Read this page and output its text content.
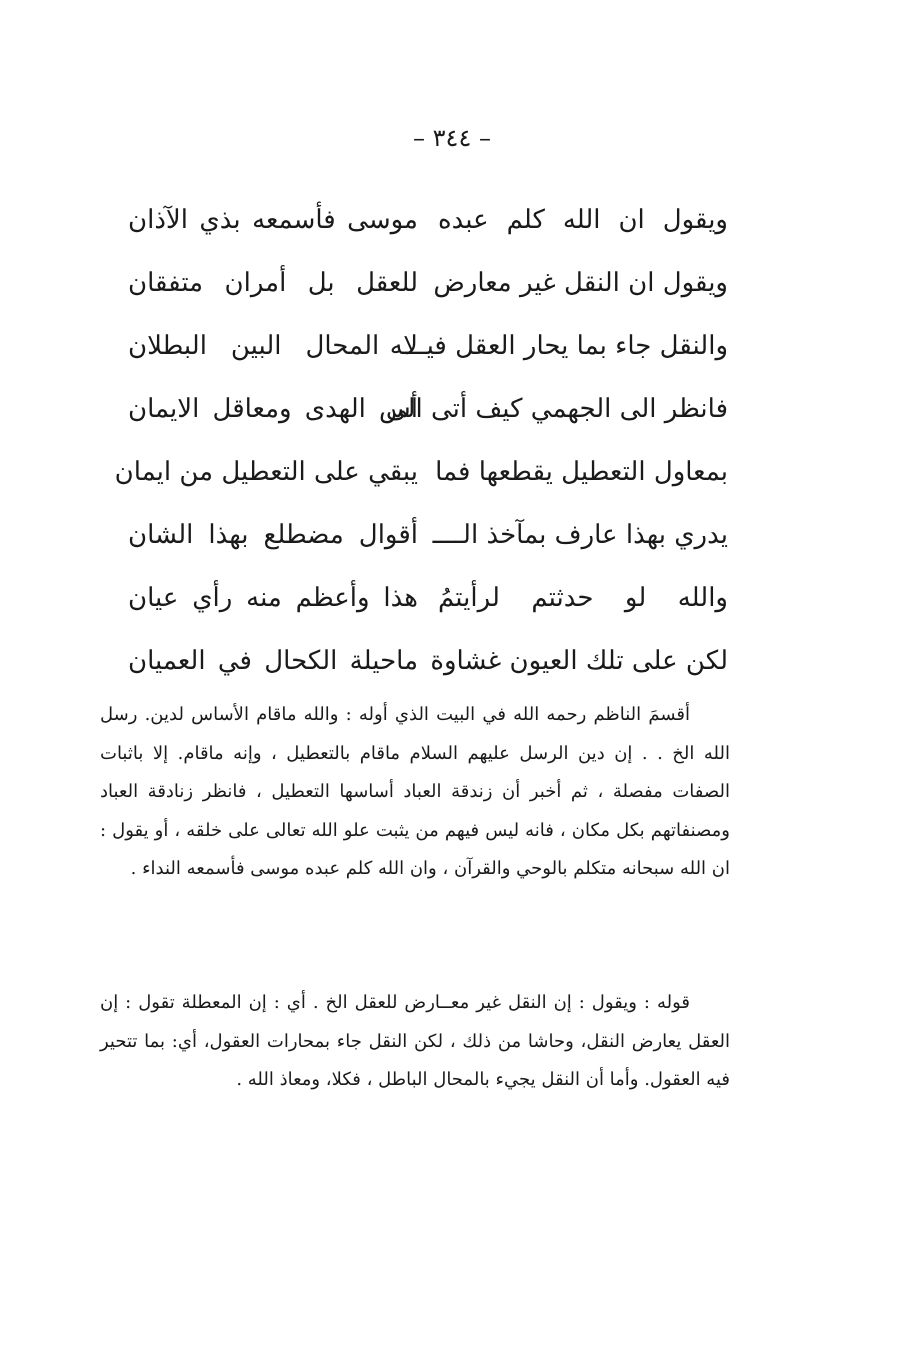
– ٣٤٤ –
ويقول ان الله كلم عبده
موسى فأسمعه بذي الآذان
ويقول ان النقل غير معارض
للعقل بل أمران متفقان
والنقل جاء بما يحار العقل فيـــه
لا المحال البين البطلان
فانظر الى الجهمي كيف أتى الى
أس الهدى ومعاقل الايمان
بمعاول التعطيل يقطعها فما
يبقي على التعطيل من ايمان
يدري بهذا عارف بمآخذ الــــ
أقوال مضطلع بهذا الشان
والله لو حدثتم لرأيتمُ
هذا وأعظم منه رأي عيان
لكن على تلك العيون غشاوة
ماحيلة الكحال في العميان

أقسمَ الناظم رحمه الله في البيت الذي أوله : والله ماقام الأساس لدين. رسل الله الخ . . إن دين الرسل عليهم السلام ماقام بالتعطيل ، وإنه ماقام. إلا باثبات الصفات مفصلة ، ثم أخبر أن زندقة العباد أساسها التعطيل ، فانظر زنادقة العباد ومصنفاتهم بكل مكان ، فانه ليس فيهم من يثبت علو الله تعالى على خلقه ، أو يقول : ان الله سبحانه متكلم بالوحي والقرآن ، وان الله كلم عبده موسى فأسمعه النداء .

قوله : ويقول : إن النقل غير معــارض للعقل الخ . أي : إن المعطلة تقول : إن العقل يعارض النقل، وحاشا من ذلك ، لكن النقل جاء بمحارات العقول، أي: بما تتحير فيه العقول. وأما أن النقل يجيء بالمحال الباطل ، فكلا، ومعاذ الله .
